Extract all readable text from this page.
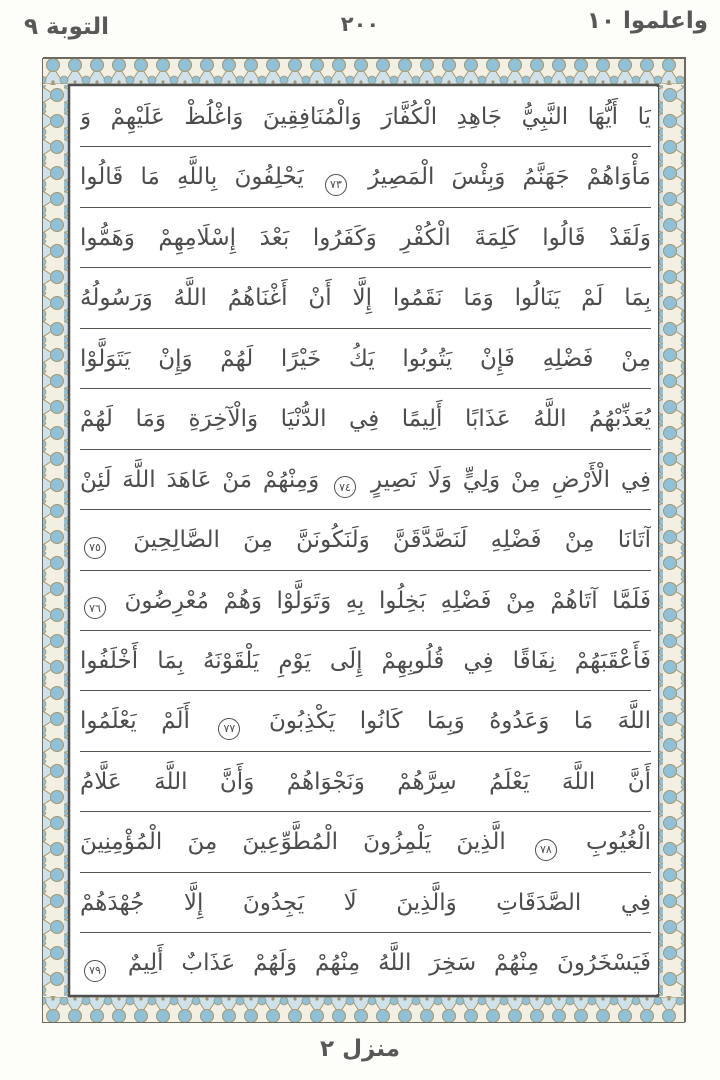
واعلموا ١٠
٢٠٠
التوبة ٩
يَا أَيُّهَا النَّبِيُّ جَاهِدِ الْكُفَّارَ وَالْمُنَافِقِينَ وَاغْلُظْ عَلَيْهِمْ وَ
مَأْوَاهُمْ جَهَنَّمُ وَبِئْسَ الْمَصِيرُ ٧٣ يَحْلِفُونَ بِاللَّهِ مَا قَالُوا
وَلَقَدْ قَالُوا كَلِمَةَ الْكُفْرِ وَكَفَرُوا بَعْدَ إِسْلَامِهِمْ وَهَمُّوا
بِمَا لَمْ يَنَالُوا وَمَا نَقَمُوا إِلَّا أَنْ أَغْنَاهُمُ اللَّهُ وَرَسُولُهُ
مِنْ فَضْلِهِ فَإِنْ يَتُوبُوا يَكُ خَيْرًا لَهُمْ وَإِنْ يَتَوَلَّوْا
يُعَذِّبْهُمُ اللَّهُ عَذَابًا أَلِيمًا فِي الدُّنْيَا وَالْآخِرَةِ وَمَا لَهُمْ
فِي الْأَرْضِ مِنْ وَلِيٍّ وَلَا نَصِيرٍ ٧٤ وَمِنْهُمْ مَنْ عَاهَدَ اللَّهَ لَئِنْ
آتَانَا مِنْ فَضْلِهِ لَنَصَّدَّقَنَّ وَلَنَكُونَنَّ مِنَ الصَّالِحِينَ ٧٥
فَلَمَّا آتَاهُمْ مِنْ فَضْلِهِ بَخِلُوا بِهِ وَتَوَلَّوْا وَهُمْ مُعْرِضُونَ ٧٦
فَأَعْقَبَهُمْ نِفَاقًا فِي قُلُوبِهِمْ إِلَى يَوْمِ يَلْقَوْنَهُ بِمَا أَخْلَفُوا
اللَّهَ مَا وَعَدُوهُ وَبِمَا كَانُوا يَكْذِبُونَ ٧٧ أَلَمْ يَعْلَمُوا
أَنَّ اللَّهَ يَعْلَمُ سِرَّهُمْ وَنَجْوَاهُمْ وَأَنَّ اللَّهَ عَلَّامُ
الْغُيُوبِ ٧٨ الَّذِينَ يَلْمِزُونَ الْمُطَّوِّعِينَ مِنَ الْمُؤْمِنِينَ
فِي الصَّدَقَاتِ وَالَّذِينَ لَا يَجِدُونَ إِلَّا جُهْدَهُمْ
فَيَسْخَرُونَ مِنْهُمْ سَخِرَ اللَّهُ مِنْهُمْ وَلَهُمْ عَذَابٌ أَلِيمٌ ٧٩
منزل ٢
